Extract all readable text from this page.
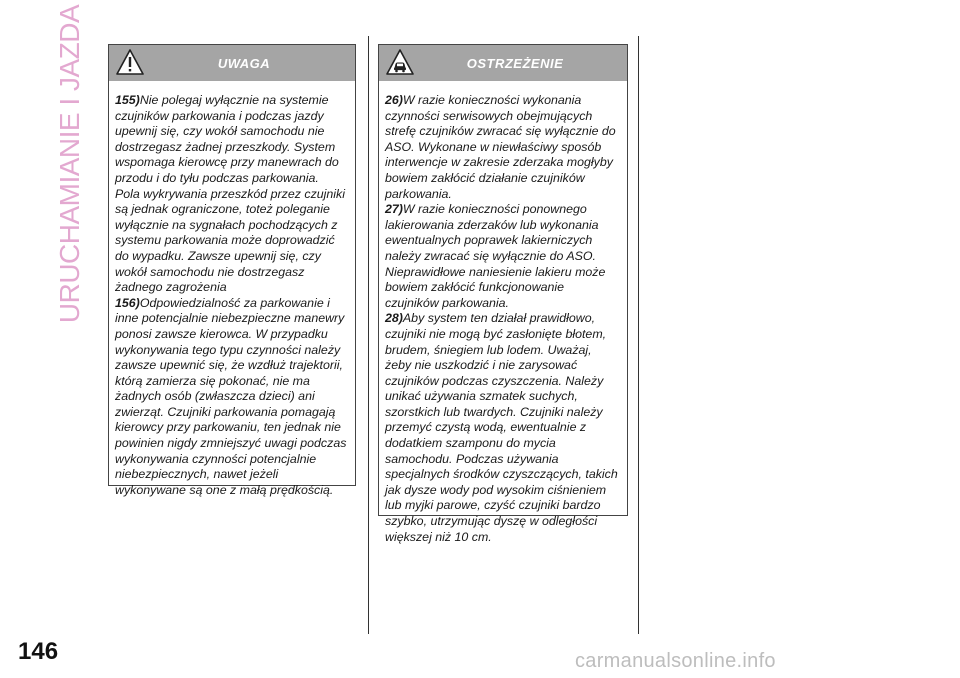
URUCHAMIANIE I JAZDA	UWAGA

155)Nie polegaj wyłącznie na systemie czujników parkowania i podczas jazdy upewnij się, czy wokół samochodu nie dostrzegasz żadnej przeszkody. System wspomaga kierowcę przy manewrach do przodu i do tyłu podczas parkowania. Pola wykrywania przeszkód przez czujniki są jednak ograniczone, toteż poleganie wyłącznie na sygnałach pochodzących z systemu parkowania może doprowadzić do wypadku. Zawsze upewnij się, czy wokół samochodu nie dostrzegasz żadnego zagrożenia

156)Odpowiedzialność za parkowanie i inne potencjalnie niebezpieczne manewry ponosi zawsze kierowca. W przypadku wykonywania tego typu czynności należy zawsze upewnić się, że wzdłuż trajektorii, którą zamierza się pokonać, nie ma żadnych osób (zwłaszcza dzieci) ani zwierząt. Czujniki parkowania pomagają kierowcy przy parkowaniu, ten jednak nie powinien nigdy zmniejszyć uwagi podczas wykonywania czynności potencjalnie niebezpiecznych, nawet jeżeli wykonywane są one z małą prędkością.

OSTRZEŻENIE

26)W razie konieczności wykonania czynności serwisowych obejmujących strefę czujników zwracać się wyłącznie do ASO. Wykonane w niewłaściwy sposób interwencje w zakresie zderzaka mogłyby bowiem zakłócić działanie czujników parkowania.

27)W razie konieczności ponownego lakierowania zderzaków lub wykonania ewentualnych poprawek lakierniczych należy zwracać się wyłącznie do ASO. Nieprawidłowe naniesienie lakieru może bowiem zakłócić funkcjonowanie czujników parkowania.

28)Aby system ten działał prawidłowo, czujniki nie mogą być zasłonięte błotem, brudem, śniegiem lub lodem. Uważaj, żeby nie uszkodzić i nie zarysować czujników podczas czyszczenia. Należy unikać używania szmatek suchych, szorstkich lub twardych. Czujniki należy przemyć czystą wodą, ewentualnie z dodatkiem szamponu do mycia samochodu. Podczas używania specjalnych środków czyszczących, takich jak dysze wody pod wysokim ciśnieniem lub myjki parowe, czyść czujniki bardzo szybko, utrzymując dyszę w odległości większej niż 10 cm.

146	carmanualsonline.info
